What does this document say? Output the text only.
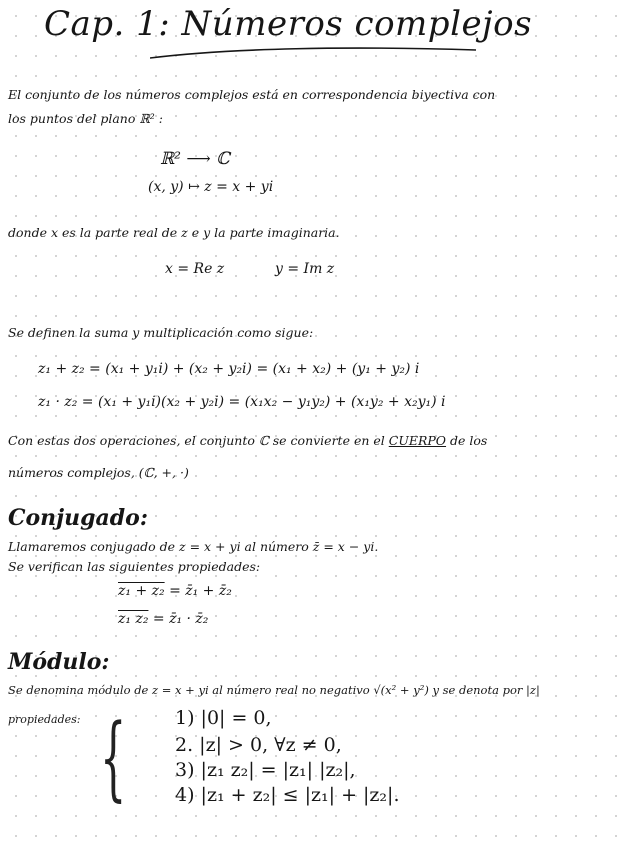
Cap. 1: Números complejos
El conjunto de los números complejos está en correspondencia biyectiva con
los puntos del plano ℝ² :
ℝ² ⟶ ℂ
(x, y) ↦ z = x + yi
donde x es la parte real de z e y la parte imaginaria.
x = Re z	y = Im z
Se definen la suma y multiplicación como sigue:
z₁ + z₂ = (x₁ + y₁i) + (x₂ + y₂i) = (x₁ + x₂) + (y₁ + y₂) i
z₁ · z₂ = (x₁ + y₁i)(x₂ + y₂i) = (x₁x₂ − y₁y₂) + (x₁y₂ + x₂y₁) i
Con estas dos operaciones, el conjunto ℂ se convierte en el CUERPO de los
números complejos, (ℂ, +, ·)
Conjugado:
Llamaremos conjugado de z = x + yi al número z̄ = x − yi.
Se verifican las siguientes propiedades:
z₁ + z₂ = z̄₁ + z̄₂
z₁ z₂ = z̄₁ · z̄₂
Módulo:
Se denomina módulo de z = x + yi al número real no negativo √(x² + y²) y se denota por |z|
propiedades: {	1) |0| = 0,
2. |z| > 0, ∀z ≠ 0,
3) |z₁ z₂| = |z₁| |z₂|,
4) |z₁ + z₂| ≤ |z₁| + |z₂|.
